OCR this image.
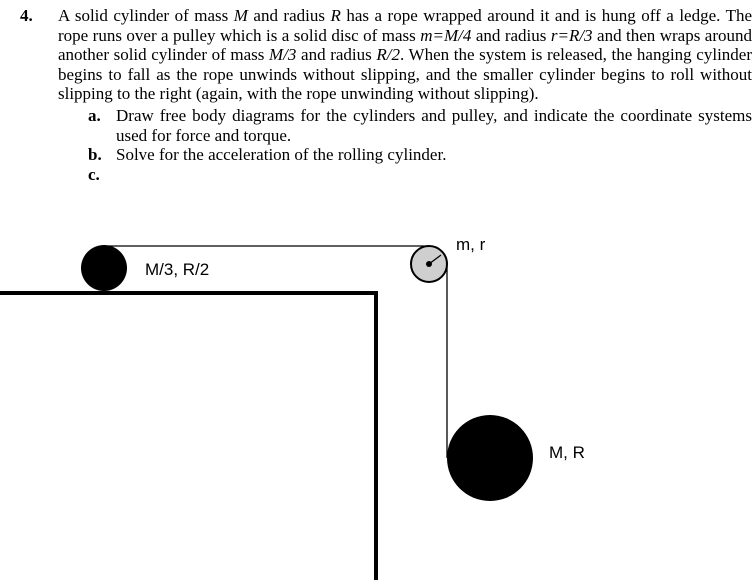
4.	A solid cylinder of mass M and radius R has a rope wrapped around it and is hung off a ledge. The rope runs over a pulley which is a solid disc of mass m=M/4 and radius r=R/3 and then wraps around another solid cylinder of mass M/3 and radius R/2. When the system is released, the hanging cylinder begins to fall as the rope unwinds without slipping, and the smaller cylinder begins to roll without slipping to the right (again, with the rope unwinding without slipping).

a. Draw free body diagrams for the cylinders and pulley, and indicate the coordinate systems used for force and torque.
b. Solve for the acceleration of the rolling cylinder.
c.
M/3, R/2
m, r
M, R
